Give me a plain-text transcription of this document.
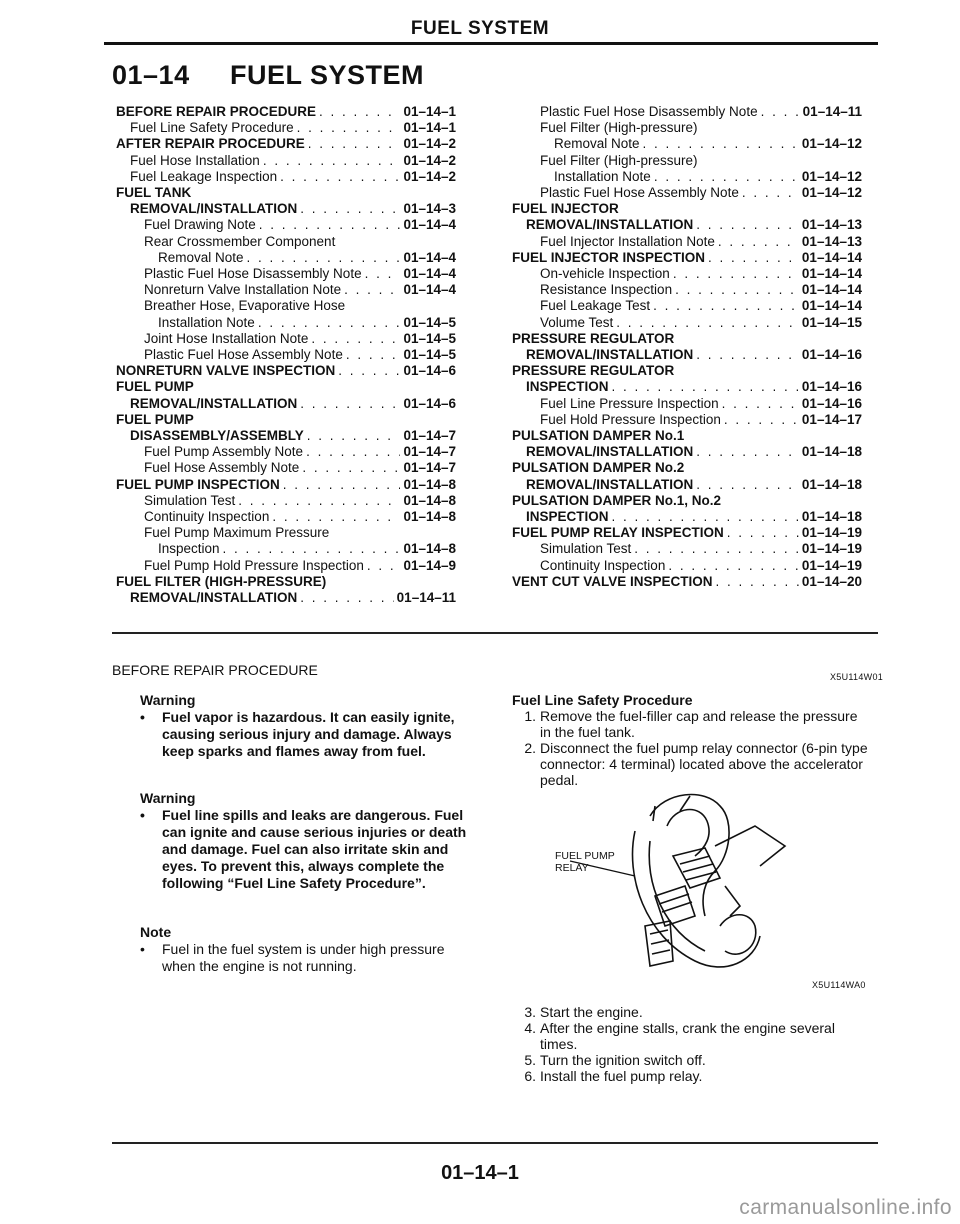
FUEL SYSTEM
01–14 FUEL SYSTEM
BEFORE REPAIR PROCEDURE . . .	01–14–1
Fuel Line Safety Procedure . . .	01–14–1
AFTER REPAIR PROCEDURE . . .	01–14–2
Fuel Hose Installation . . .	01–14–2
Fuel Leakage Inspection . . .	01–14–2
FUEL TANK
REMOVAL/INSTALLATION . . .	01–14–3
Fuel Drawing Note . . .	01–14–4
Rear Crossmember Component
Removal Note . . .	01–14–4
Plastic Fuel Hose Disassembly Note . . .	01–14–4
Nonreturn Valve Installation Note . . .	01–14–4
Breather Hose, Evaporative Hose
Installation Note . . .	01–14–5
Joint Hose Installation Note . . .	01–14–5
Plastic Fuel Hose Assembly Note . . .	01–14–5
NONRETURN VALVE INSPECTION . . .	01–14–6
FUEL PUMP
REMOVAL/INSTALLATION . . .	01–14–6
FUEL PUMP
DISASSEMBLY/ASSEMBLY . . .	01–14–7
Fuel Pump Assembly Note . . .	01–14–7
Fuel Hose Assembly Note . . .	01–14–7
FUEL PUMP INSPECTION . . .	01–14–8
Simulation Test . . .	01–14–8
Continuity Inspection . . .	01–14–8
Fuel Pump Maximum Pressure
Inspection . . .	01–14–8
Fuel Pump Hold Pressure Inspection . . .	01–14–9
FUEL FILTER (HIGH-PRESSURE)
REMOVAL/INSTALLATION . . .	01–14–11
Plastic Fuel Hose Disassembly Note . . .	01–14–11
Fuel Filter (High-pressure)
Removal Note . . .	01–14–12
Fuel Filter (High-pressure)
Installation Note . . .	01–14–12
Plastic Fuel Hose Assembly Note . . .	01–14–12
FUEL INJECTOR
REMOVAL/INSTALLATION . . .	01–14–13
Fuel Injector Installation Note . . .	01–14–13
FUEL INJECTOR INSPECTION . . .	01–14–14
On-vehicle Inspection . . .	01–14–14
Resistance Inspection . . .	01–14–14
Fuel Leakage Test . . .	01–14–14
Volume Test . . .	01–14–15
PRESSURE REGULATOR
REMOVAL/INSTALLATION . . .	01–14–16
PRESSURE REGULATOR
INSPECTION . . .	01–14–16
Fuel Line Pressure Inspection . . .	01–14–16
Fuel Hold Pressure Inspection . . .	01–14–17
PULSATION DAMPER No.1
REMOVAL/INSTALLATION . . .	01–14–18
PULSATION DAMPER No.2
REMOVAL/INSTALLATION . . .	01–14–18
PULSATION DAMPER No.1, No.2
INSPECTION . . .	01–14–18
FUEL PUMP RELAY INSPECTION . . .	01–14–19
Simulation Test . . .	01–14–19
Continuity Inspection . . .	01–14–19
VENT CUT VALVE INSPECTION . . .	01–14–20
BEFORE REPAIR PROCEDURE	X5U114W01
Warning
•	Fuel vapor is hazardous. It can easily ignite, causing serious injury and damage. Always keep sparks and flames away from fuel.
Warning
•	Fuel line spills and leaks are dangerous. Fuel can ignite and cause serious injuries or death and damage. Fuel can also irritate skin and eyes. To prevent this, always complete the following “Fuel Line Safety Procedure”.
Note
•	Fuel in the fuel system is under high pressure when the engine is not running.
Fuel Line Safety Procedure
1. Remove the fuel-filler cap and release the pressure in the fuel tank.
2. Disconnect the fuel pump relay connector (6-pin type connector: 4 terminal) located above the accelerator pedal.
FUEL PUMP
RELAY
X5U114WA0
3. Start the engine.
4. After the engine stalls, crank the engine several times.
5. Turn the ignition switch off.
6. Install the fuel pump relay.
01–14–1
carmanualsonline.info
